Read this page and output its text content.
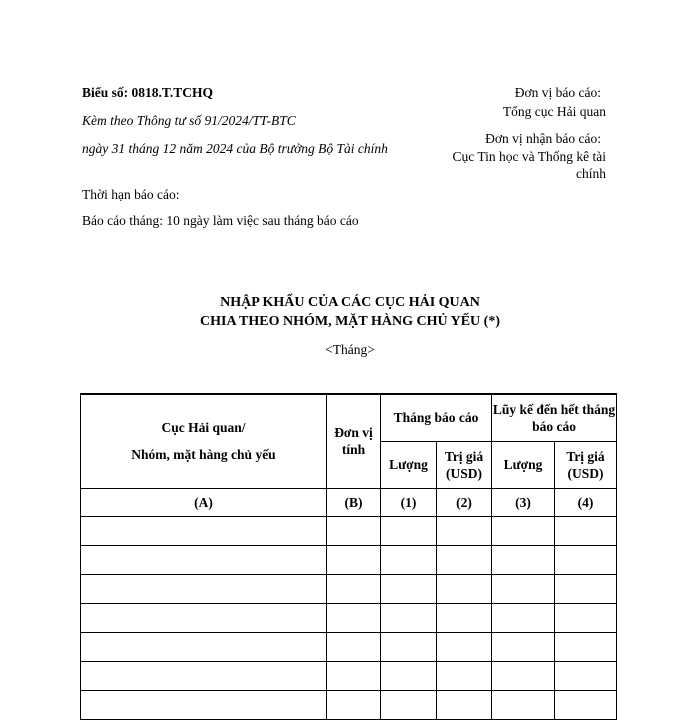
Biểu số: 0818.T.TCHQ
Kèm theo Thông tư số 91/2024/TT-BTC
ngày 31 tháng 12 năm 2024 của Bộ trưởng Bộ Tài chính
Thời hạn báo cáo:
Báo cáo tháng: 10 ngày làm việc sau tháng báo cáo
Đơn vị báo cáo:
Tổng cục Hải quan
Đơn vị nhận báo cáo:
Cục Tin học và Thống kê tài chính
NHẬP KHẨU CỦA CÁC CỤC HẢI QUAN
CHIA THEO NHÓM, MẶT HÀNG CHỦ YẾU (*)
<Tháng>
Cục Hải quan/
Nhóm, mặt hàng chủ yếu	Đơn vị tính	Tháng báo cáo		Lũy kế đến hết tháng báo cáo	
		Lượng	Trị giá (USD)	Lượng	Trị giá (USD)
(A)	(B)	(1)	(2)	(3)	(4)
